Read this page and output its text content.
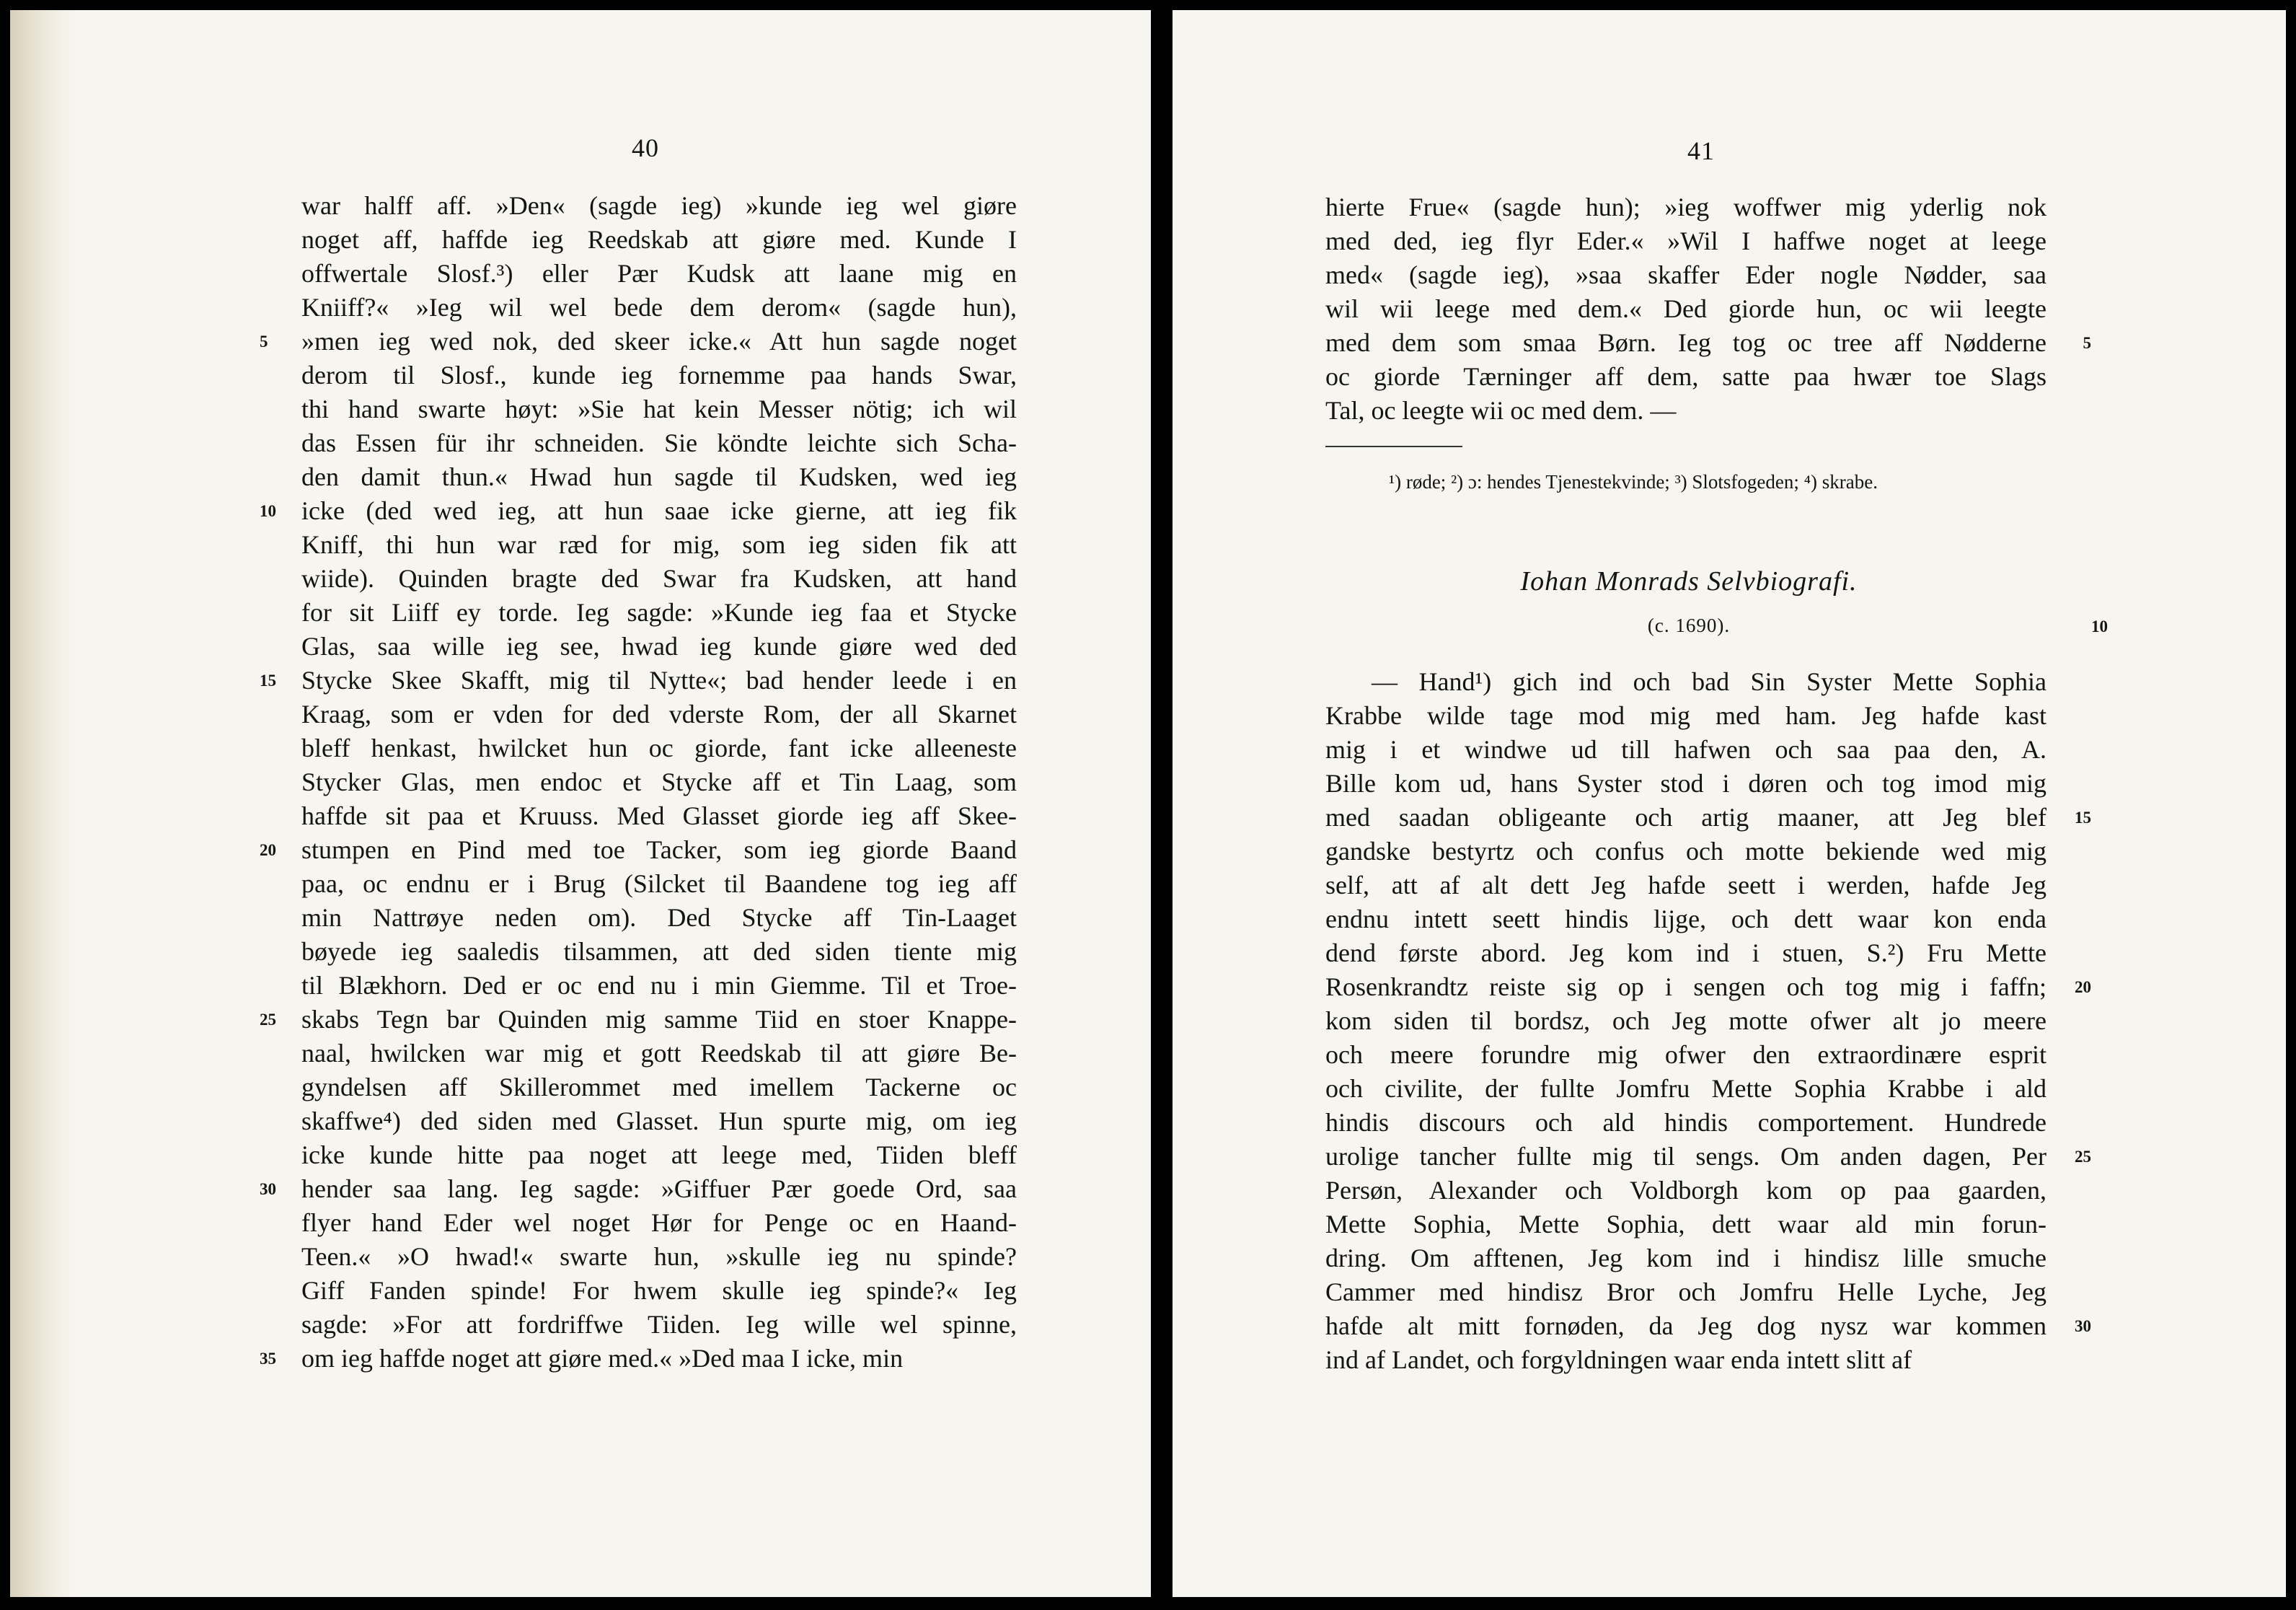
40
war halff aff. »Den« (sagde ieg) »kunde ieg wel giøre
noget aff, haffde ieg Reedskab att giøre med. Kunde I
offwertale Slosf.³) eller Pær Kudsk att laane mig en
Kniiff?« »Ieg wil wel bede dem derom« (sagde hun),
»men ieg wed nok, ded skeer icke.« Att hun sagde noget
5
derom til Slosf., kunde ieg fornemme paa hands Swar,
thi hand swarte høyt: »Sie hat kein Messer nötig; ich wil
das Essen für ihr schneiden. Sie köndte leichte sich Scha-
den damit thun.« Hwad hun sagde til Kudsken, wed ieg
icke (ded wed ieg, att hun saae icke gierne, att ieg fik
10
Kniff, thi hun war ræd for mig, som ieg siden fik att
wiide). Quinden bragte ded Swar fra Kudsken, att hand
for sit Liiff ey torde. Ieg sagde: »Kunde ieg faa et Stycke
Glas, saa wille ieg see, hwad ieg kunde giøre wed ded
Stycke Skee Skafft, mig til Nytte«; bad hender leede i en
15
Kraag, som er vden for ded vderste Rom, der all Skarnet
bleff henkast, hwilcket hun oc giorde, fant icke alleeneste
Stycker Glas, men endoc et Stycke aff et Tin Laag, som
haffde sit paa et Kruuss. Med Glasset giorde ieg aff Skee-
stumpen en Pind med toe Tacker, som ieg giorde Baand
20
paa, oc endnu er i Brug (Silcket til Baandene tog ieg aff
min Nattrøye neden om). Ded Stycke aff Tin-Laaget
bøyede ieg saaledis tilsammen, att ded siden tiente mig
til Blækhorn. Ded er oc end nu i min Giemme. Til et Troe-
skabs Tegn bar Quinden mig samme Tiid en stoer Knappe-
25
naal, hwilcken war mig et gott Reedskab til att giøre Be-
gyndelsen aff Skillerommet med imellem Tackerne oc
skaffwe⁴) ded siden med Glasset. Hun spurte mig, om ieg
icke kunde hitte paa noget att leege med, Tiiden bleff
hender saa lang. Ieg sagde: »Giffuer Pær goede Ord, saa
30
flyer hand Eder wel noget Hør for Penge oc en Haand-
Teen.« »O hwad!« swarte hun, »skulle ieg nu spinde?
Giff Fanden spinde! For hwem skulle ieg spinde?« Ieg
sagde: »For att fordriffwe Tiiden. Ieg wille wel spinne,
om ieg haffde noget att giøre med.« »Ded maa I icke, min
35
41
hierte Frue« (sagde hun); »ieg woffwer mig yderlig nok
med ded, ieg flyr Eder.« »Wil I haffwe noget at leege
med« (sagde ieg), »saa skaffer Eder nogle Nødder, saa
wil wii leege med dem.« Ded giorde hun, oc wii leegte
med dem som smaa Børn. Ieg tog oc tree aff Nødderne 5
oc giorde Tærninger aff dem, satte paa hwær toe Slags
Tal, oc leegte wii oc med dem. —
¹) røde; ²) ɔ: hendes Tjenestekvinde; ³) Slotsfogeden; ⁴) skrabe.
Iohan Monrads Selvbiografi.
(c. 1690).	10
— Hand¹) gich ind och bad Sin Syster Mette Sophia
Krabbe wilde tage mod mig med ham. Jeg hafde kast
mig i et windwe ud till hafwen och saa paa den, A.
Bille kom ud, hans Syster stod i døren och tog imod mig
med saadan obligeante och artig maaner, att Jeg blef 15
gandske bestyrtz och confus och motte bekiende wed mig
self, att af alt dett Jeg hafde seett i werden, hafde Jeg
endnu intett seett hindis lijge, och dett waar kon enda
dend første abord. Jeg kom ind i stuen, S.²) Fru Mette
Rosenkrandtz reiste sig op i sengen och tog mig i faffn; 20
kom siden til bordsz, och Jeg motte ofwer alt jo meere
och meere forundre mig ofwer den extraordinære esprit
och civilite, der fullte Jomfru Mette Sophia Krabbe i ald
hindis discours och ald hindis comportement. Hundrede
urolige tancher fullte mig til sengs. Om anden dagen, Per 25
Persøn, Alexander och Voldborgh kom op paa gaarden,
Mette Sophia, Mette Sophia, dett waar ald min forun-
dring. Om afftenen, Jeg kom ind i hindisz lille smuche
Cammer med hindisz Bror och Jomfru Helle Lyche, Jeg
hafde alt mitt fornøden, da Jeg dog nysz war kommen 30
ind af Landet, och forgyldningen waar enda intett slitt af
